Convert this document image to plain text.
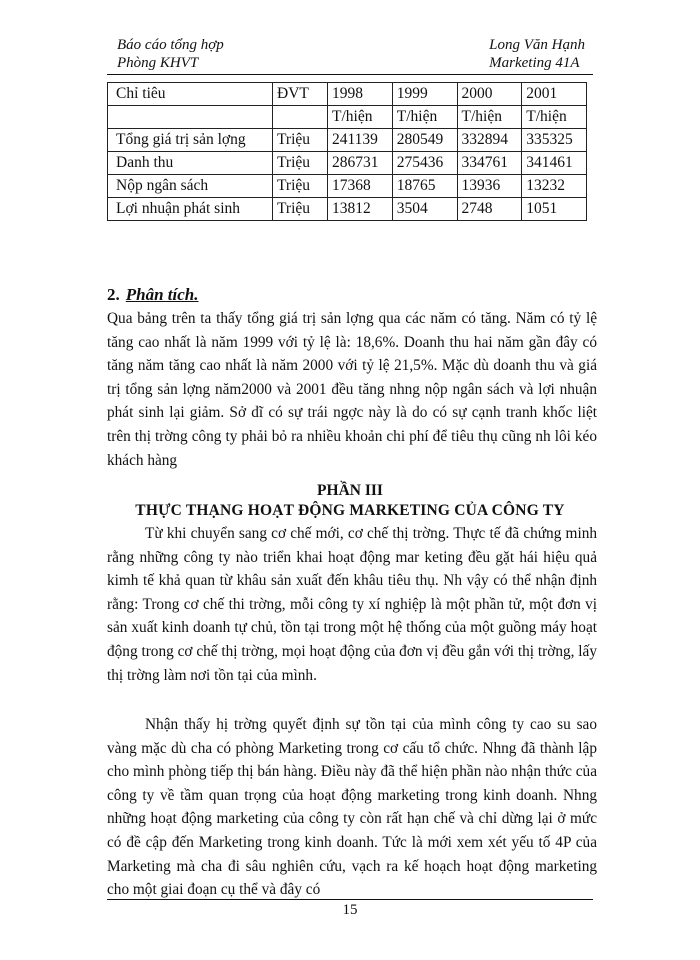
Báo cáo tổng hợp
Phòng KHVT
Long Văn Hạnh
Marketing 41A
Chỉ tiêu	ĐVT	1998	1999	2000	2001
		T/hiện	T/hiện	T/hiện	T/hiện
Tổng giá trị sản lợng	Triệu	241139	280549	332894	335325
Danh thu	Triệu	286731	275436	334761	341461
Nộp ngân sách	Triệu	17368	18765	13936	13232
Lợi nhuận phát sinh	Triệu	13812	3504	2748	1051
2. Phân tích.

Qua bảng trên ta thấy tổng giá trị sản lợng qua các năm có tăng. Năm có tỷ lệ tăng cao nhất là năm 1999 với tỷ lệ là: 18,6%. Doanh thu hai năm gần đây có tăng năm tăng cao nhất là năm 2000 với tỷ lệ 21,5%. Mặc dù doanh thu và giá trị tổng sản lợng năm2000 và 2001 đều tăng nhng nộp ngân sách và lợi nhuận phát sinh lại giảm. Sở dĩ có sự trái ngợc này là do có sự cạnh tranh khốc liệt trên thị trờng công ty phải bỏ ra nhiều khoản chi phí để tiêu thụ cũng nh lôi kéo khách hàng

PHẦN III
THỰC THẠNG HOẠT ĐỘNG MARKETING CỦA CÔNG TY

Từ khi chuyển sang cơ chế mới, cơ chế thị trờng. Thực tế đã chứng minh rằng những công ty nào triển khai hoạt động mar keting đều gặt hái hiệu quả kimh tế khả quan từ khâu sản xuất đến khâu tiêu thụ. Nh vậy có thể nhận định rằng: Trong cơ chế thi trờng, mỗi công ty xí nghiệp là một phần tử, một đơn vị sản xuất kinh doanh tự chủ, tồn tại trong một hệ thống của một guồng máy hoạt động trong cơ chế thị trờng, mọi hoạt động của đơn vị đều gắn với thị trờng, lấy thị trờng làm nơi tồn tại của mình.

Nhận thấy hị trờng quyết định sự tồn tại của mình công ty cao su sao vàng mặc dù cha có phòng Marketing trong cơ cấu tổ chức. Nhng đã thành lập cho mình phòng tiếp thị bán hàng. Điều này đã thể hiện phần nào nhận thức của công ty về tầm quan trọng của hoạt động marketing trong kinh doanh. Nhng những hoạt động marketing của công ty còn rất hạn chế và chỉ dừng lại ở mức có đề cập đến Marketing trong kinh doanh. Tức là mới xem xét yếu tố 4P của Marketing mà cha đi sâu nghiên cứu, vạch ra kế hoạch hoạt động marketing cho một giai đoạn cụ thể và đây có

15
